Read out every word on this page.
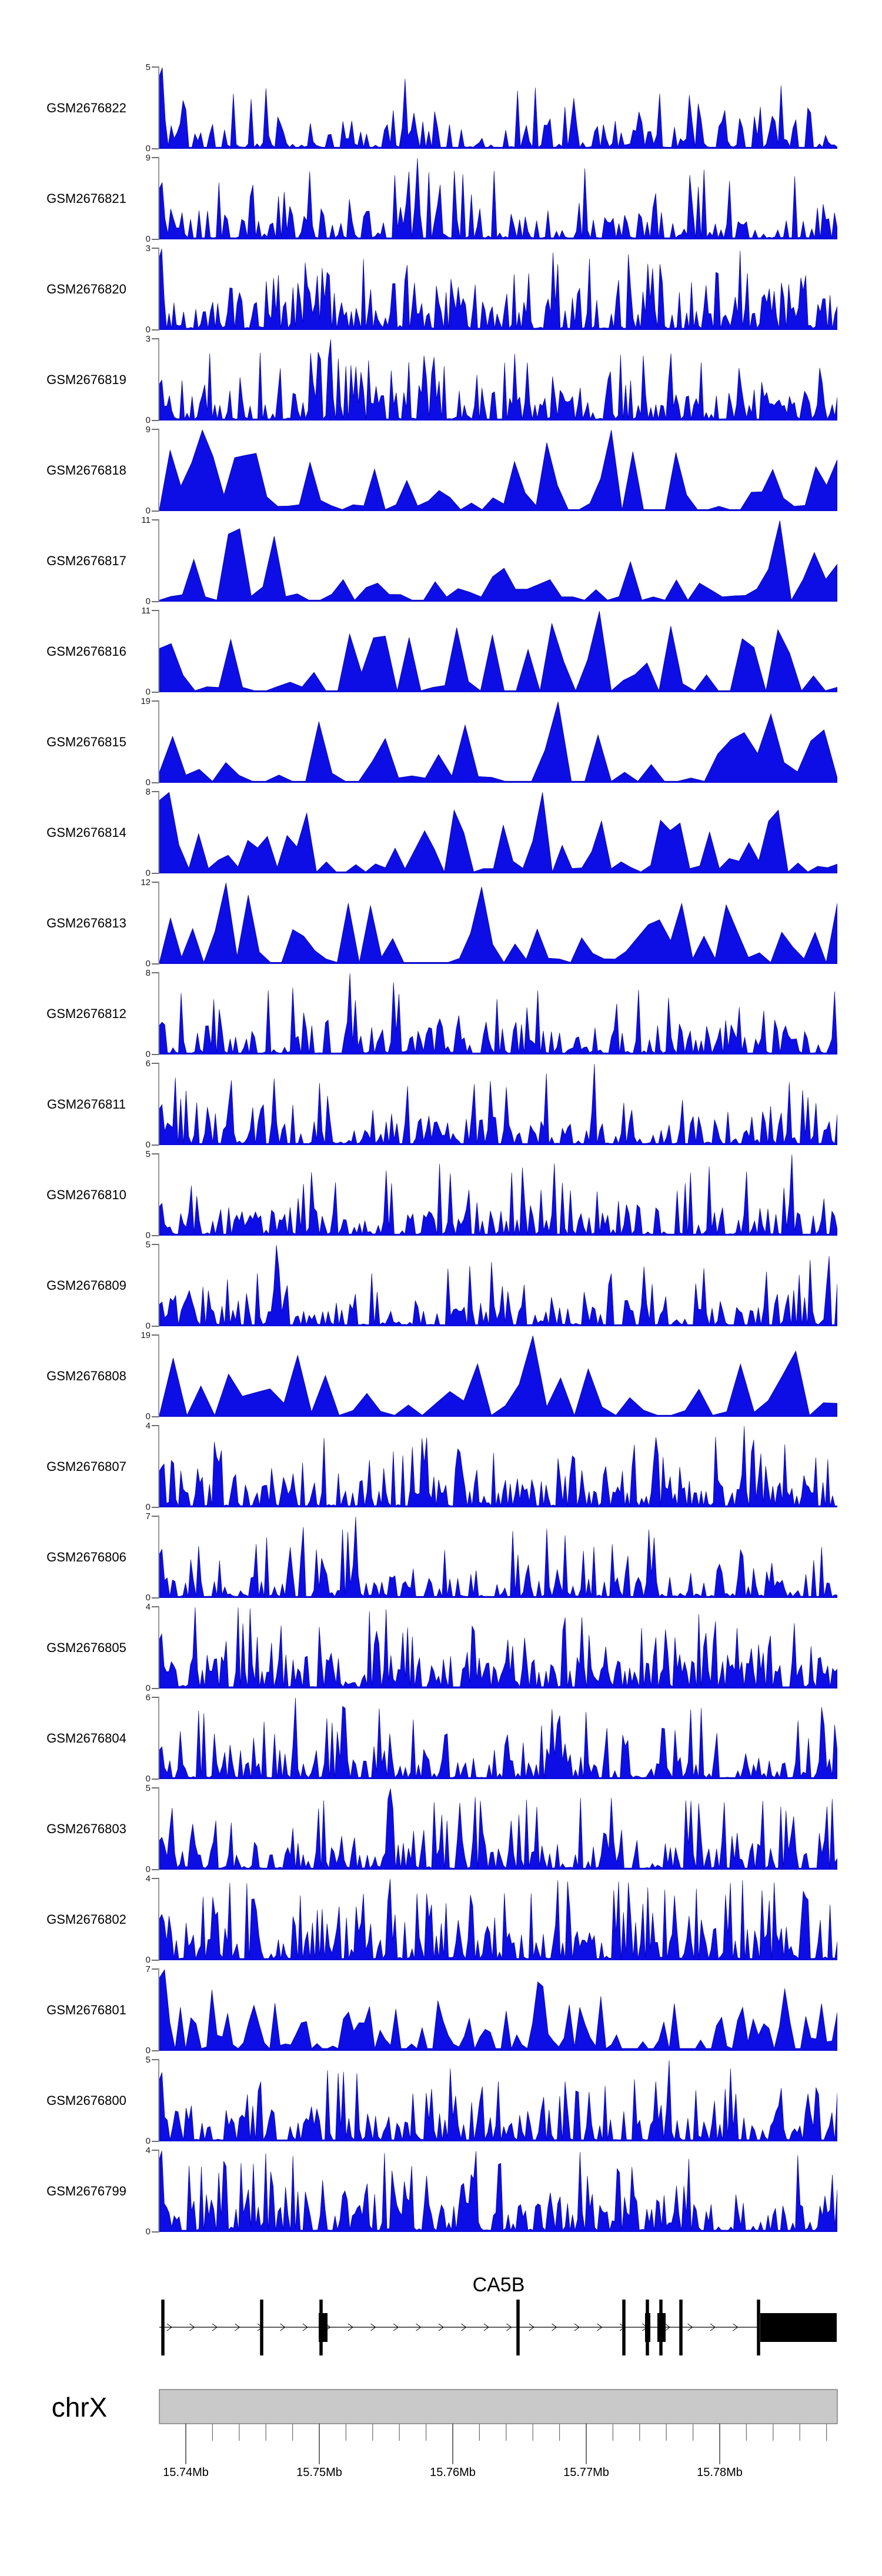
GSM2676822
5
0
GSM2676821
9
0
GSM2676820
3
0
GSM2676819
3
0
GSM2676818
9
0
GSM2676817
11
0
GSM2676816
11
0
GSM2676815
19
0
GSM2676814
8
0
GSM2676813
12
0
GSM2676812
8
0
GSM2676811
6
0
GSM2676810
5
0
GSM2676809
5
0
GSM2676808
19
0
GSM2676807
4
0
GSM2676806
7
0
GSM2676805
4
0
GSM2676804
6
0
GSM2676803
5
0
GSM2676802
4
0
GSM2676801
7
0
GSM2676800
5
0
GSM2676799
4
0
CA5B
chrX
15.74Mb	15.75Mb	15.76Mb	15.77Mb	15.78Mb
